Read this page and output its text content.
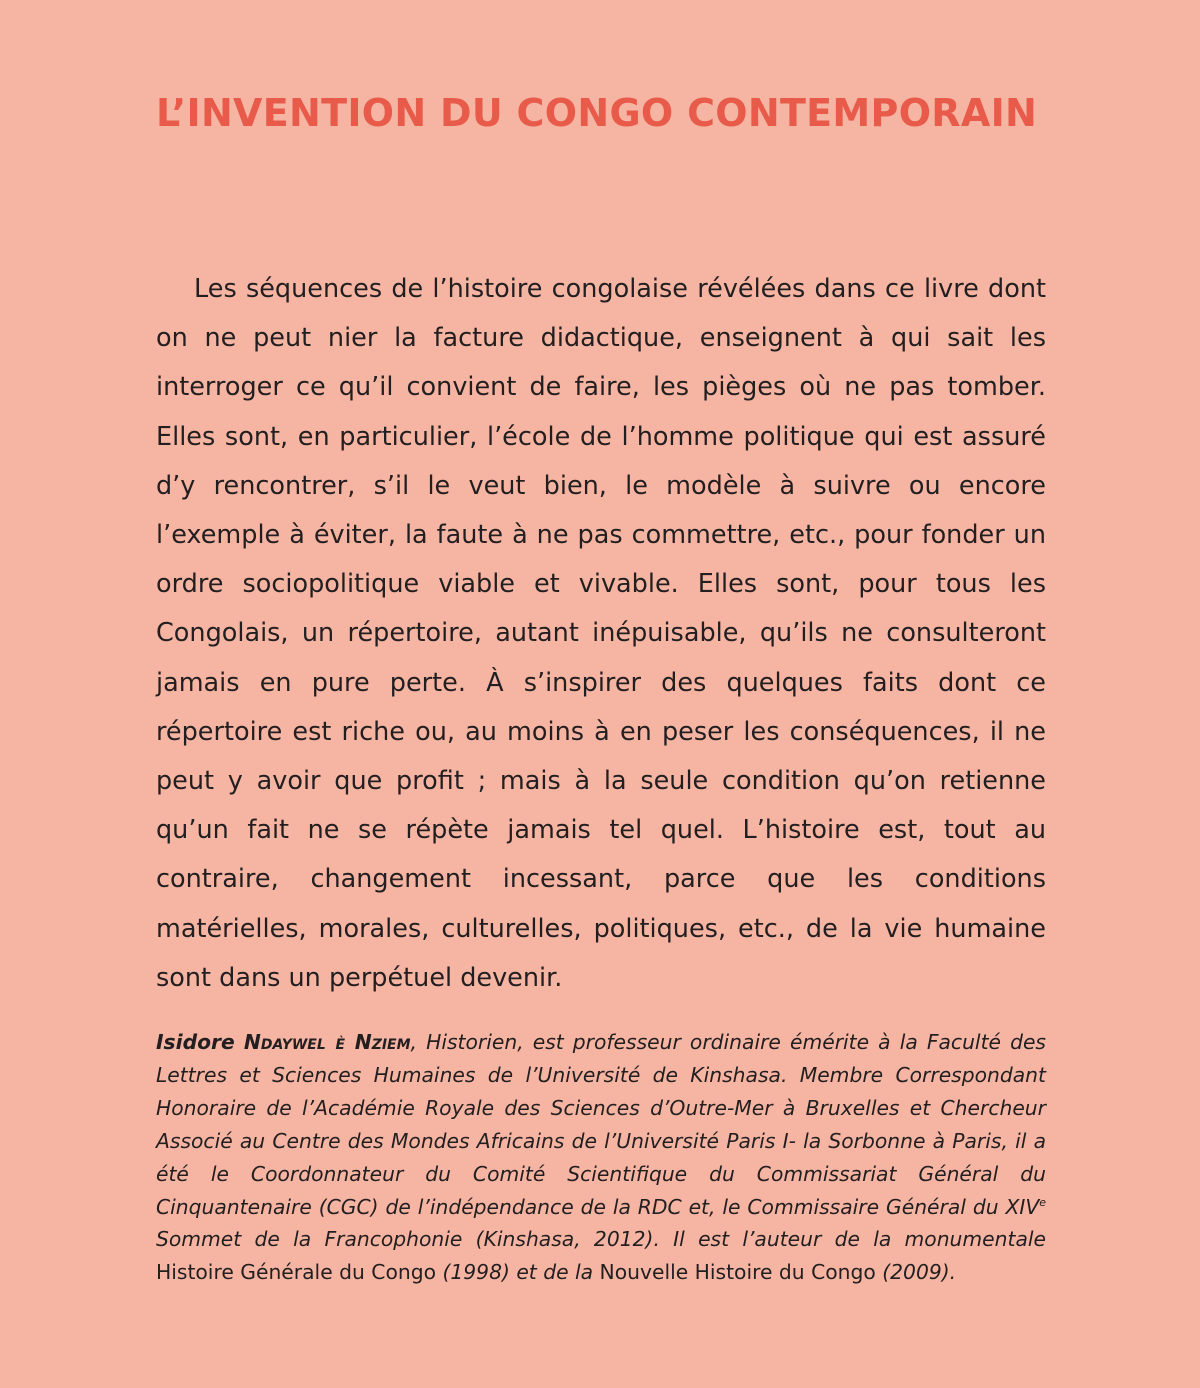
L’INVENTION DU CONGO CONTEMPORAIN

Les séquences de l’histoire congolaise révélées dans ce livre dont on ne peut nier la facture didactique, enseignent à qui sait les interroger ce qu’il convient de faire, les pièges où ne pas tomber. Elles sont, en particulier, l’école de l’homme politique qui est assuré d’y rencontrer, s’il le veut bien, le modèle à suivre ou encore l’exemple à éviter, la faute à ne pas commettre, etc., pour fonder un ordre sociopolitique viable et vivable. Elles sont, pour tous les Congolais, un répertoire, autant inépuisable, qu’ils ne consulteront jamais en pure perte. À s’inspirer des quelques faits dont ce répertoire est riche ou, au moins à en peser les conséquences, il ne peut y avoir que profit ; mais à la seule condition qu’on retienne qu’un fait ne se répète jamais tel quel. L’histoire est, tout au contraire, changement incessant, parce que les conditions matérielles, morales, culturelles, politiques, etc., de la vie humaine sont dans un perpétuel devenir.

Isidore Ndaywel è Nziem, Historien, est professeur ordinaire émérite à la Faculté des Lettres et Sciences Humaines de l’Université de Kinshasa. Membre Correspondant Honoraire de l’Académie Royale des Sciences d’Outre-Mer à Bruxelles et Chercheur Associé au Centre des Mondes Africains de l’Université Paris I- la Sorbonne à Paris, il a été le Coordonnateur du Comité Scientifique du Commissariat Général du Cinquantenaire (CGC) de l’indépendance de la RDC et, le Commissaire Général du XIVe Sommet de la Francophonie (Kinshasa, 2012). Il est l’auteur de la monumentale Histoire Générale du Congo (1998) et de la Nouvelle Histoire du Congo (2009).
